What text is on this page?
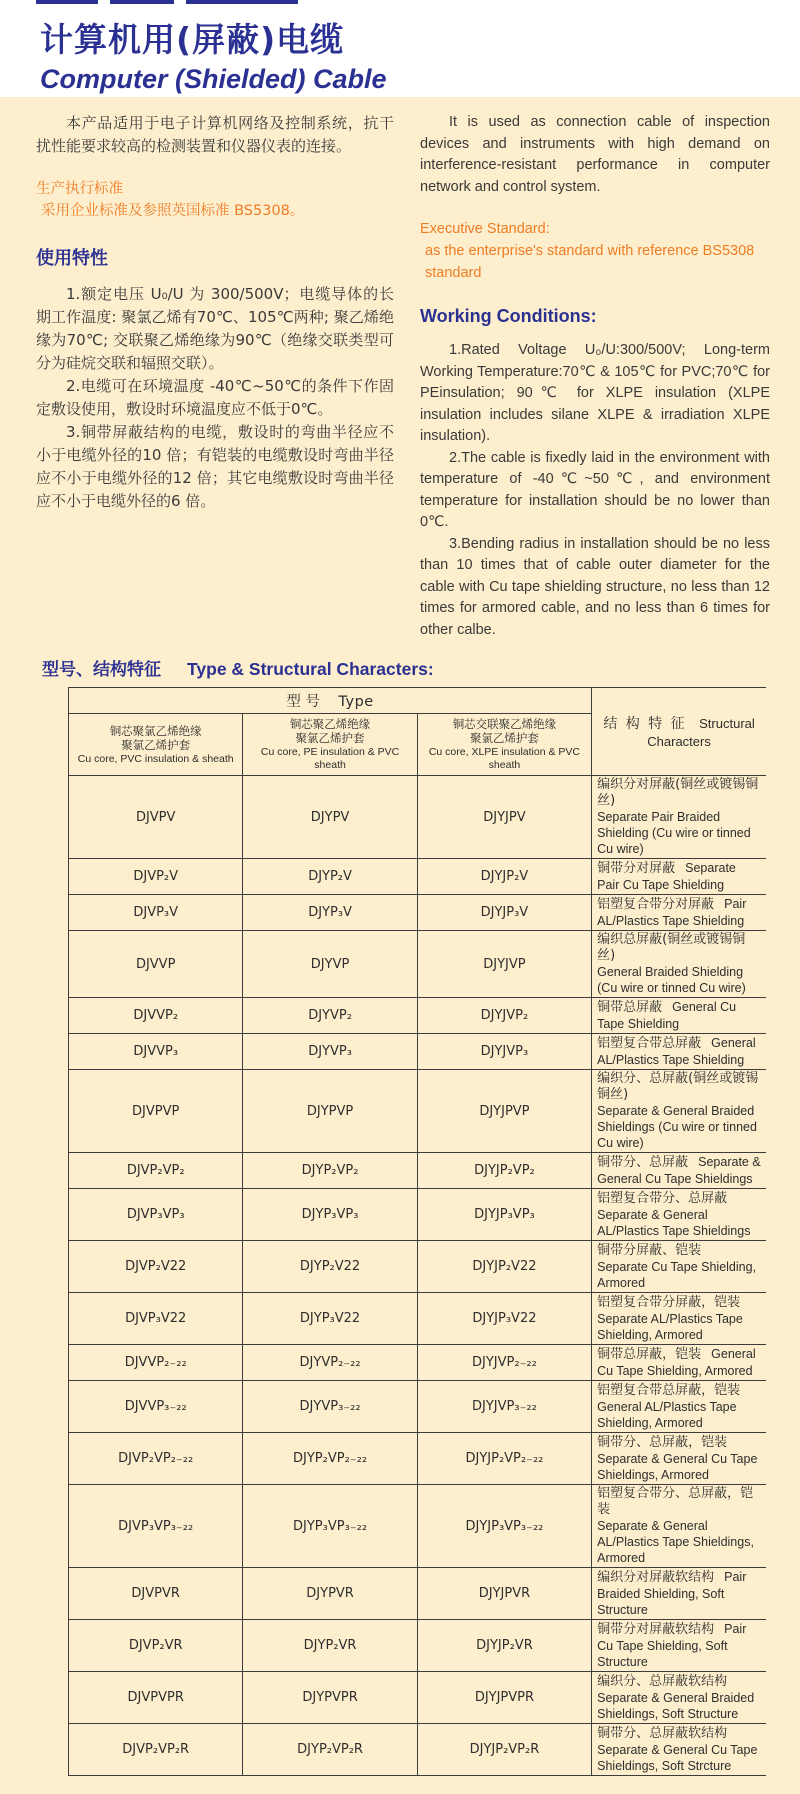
计算机用(屏蔽)电缆
Computer (Shielded) Cable

本产品适用于电子计算机网络及控制系统，抗干扰性能要求较高的检测装置和仪器仪表的连接。

生产执行标准

采用企业标准及参照英国标准 BS5308。

使用特性

1.额定电压 U₀/U 为 300/500V；电缆导体的长期工作温度: 聚氯乙烯有70℃、105℃两种; 聚乙烯绝缘为70℃; 交联聚乙烯绝缘为90℃（绝缘交联类型可分为硅烷交联和辐照交联）。

2.电缆可在环境温度 -40℃~50℃的条件下作固定敷设使用，敷设时环境温度应不低于0℃。

3.铜带屏蔽结构的电缆，敷设时的弯曲半径应不小于电缆外径的10 倍；有铠装的电缆敷设时弯曲半径应不小于电缆外径的12 倍；其它电缆敷设时弯曲半径应不小于电缆外径的6 倍。

It is used as connection cable of inspection devices and instruments with high demand on interference-resistant performance in computer network and control system.

Executive Standard:

as the enterprise's standard with reference BS5308 standard

Working Conditions:

1.Rated Voltage U₀/U:300/500V; Long-term Working Temperature:70℃ & 105℃ for PVC;70℃ for PEinsulation; 90℃ for XLPE insulation (XLPE insulation includes silane XLPE & irradiation XLPE insulation).

2.The cable is fixedly laid in the environment with temperature of -40℃~50℃, and environment temperature for installation should be no lower than 0℃.

3.Bending radius in installation should be no less than 10 times that of cable outer diameter for the cable with Cu tape shielding structure, no less than 12 times for armored cable, and no less than 6 times for other calbe.

型号、结构特征 Type & Structural Characters:
型 号 Type			结 构 特 征 Structural Characters

铜芯聚氯乙烯绝缘
聚氯乙烯护套
Cu core, PVC insulation & sheath	铜芯聚乙烯绝缘
聚氯乙烯护套
Cu core, PE insulation & PVC sheath	铜芯交联聚乙烯绝缘
聚氯乙烯护套
Cu core, XLPE insulation & PVC sheath	

DJVPV	DJYPV	DJYJPV	编织分对屏蔽(铜丝或镀锡铜丝)
Separate Pair Braided Shielding (Cu wire or tinned Cu wire)

DJVP₂V	DJYP₂V	DJYJP₂V	铜带分对屏蔽 Separate Pair Cu Tape Shielding
DJVP₃V	DJYP₃V	DJYJP₃V	铝塑复合带分对屏蔽 Pair AL/Plastics Tape Shielding
DJVVP	DJYVP	DJYJVP	编织总屏蔽(铜丝或镀锡铜丝)
General Braided Shielding (Cu wire or tinned Cu wire)

DJVVP₂	DJYVP₂	DJYJVP₂	铜带总屏蔽 General Cu Tape Shielding
DJVVP₃	DJYVP₃	DJYJVP₃	铝塑复合带总屏蔽 General AL/Plastics Tape Shielding
DJVPVP	DJYPVP	DJYJPVP	编织分、总屏蔽(铜丝或镀锡铜丝)
Separate & General Braided Shieldings (Cu wire or tinned Cu wire)

DJVP₂VP₂	DJYP₂VP₂	DJYJP₂VP₂	铜带分、总屏蔽 Separate & General Cu Tape Shieldings
DJVP₃VP₃	DJYP₃VP₃	DJYJP₃VP₃	铝塑复合带分、总屏蔽Separate & General AL/Plastics Tape Shieldings
DJVP₂V22	DJYP₂V22	DJYJP₂V22	铜带分屏蔽、铠装Separate Cu Tape Shielding, Armored
DJVP₃V22	DJYP₃V22	DJYJP₃V22	铝塑复合带分屏蔽，铠装Separate AL/Plastics Tape Shielding, Armored
DJVVP₂₋₂₂	DJYVP₂₋₂₂	DJYJVP₂₋₂₂	铜带总屏蔽，铠装 General Cu Tape Shielding, Armored
DJVVP₃₋₂₂	DJYVP₃₋₂₂	DJYJVP₃₋₂₂	铝塑复合带总屏蔽，铠装General AL/Plastics Tape Shielding, Armored
DJVP₂VP₂₋₂₂	DJYP₂VP₂₋₂₂	DJYJP₂VP₂₋₂₂	铜带分、总屏蔽，铠装Separate & General Cu Tape Shieldings, Armored
DJVP₃VP₃₋₂₂	DJYP₃VP₃₋₂₂	DJYJP₃VP₃₋₂₂	铝塑复合带分、总屏蔽，铠装
Separate & General AL/Plastics Tape Shieldings, Armored

DJVPVR	DJYPVR	DJYJPVR	编织分对屏蔽软结构 Pair Braided Shielding, Soft Structure
DJVP₂VR	DJYP₂VR	DJYJP₂VR	铜带分对屏蔽软结构 Pair Cu Tape Shielding, Soft Structure
DJVPVPR	DJYPVPR	DJYJPVPR	编织分、总屏蔽软结构Separate & General Braided Shieldings, Soft Structure
DJVP₂VP₂R	DJYP₂VP₂R	DJYJP₂VP₂R	铜带分、总屏蔽软结构Separate & General Cu Tape Shieldings, Soft Strcture
